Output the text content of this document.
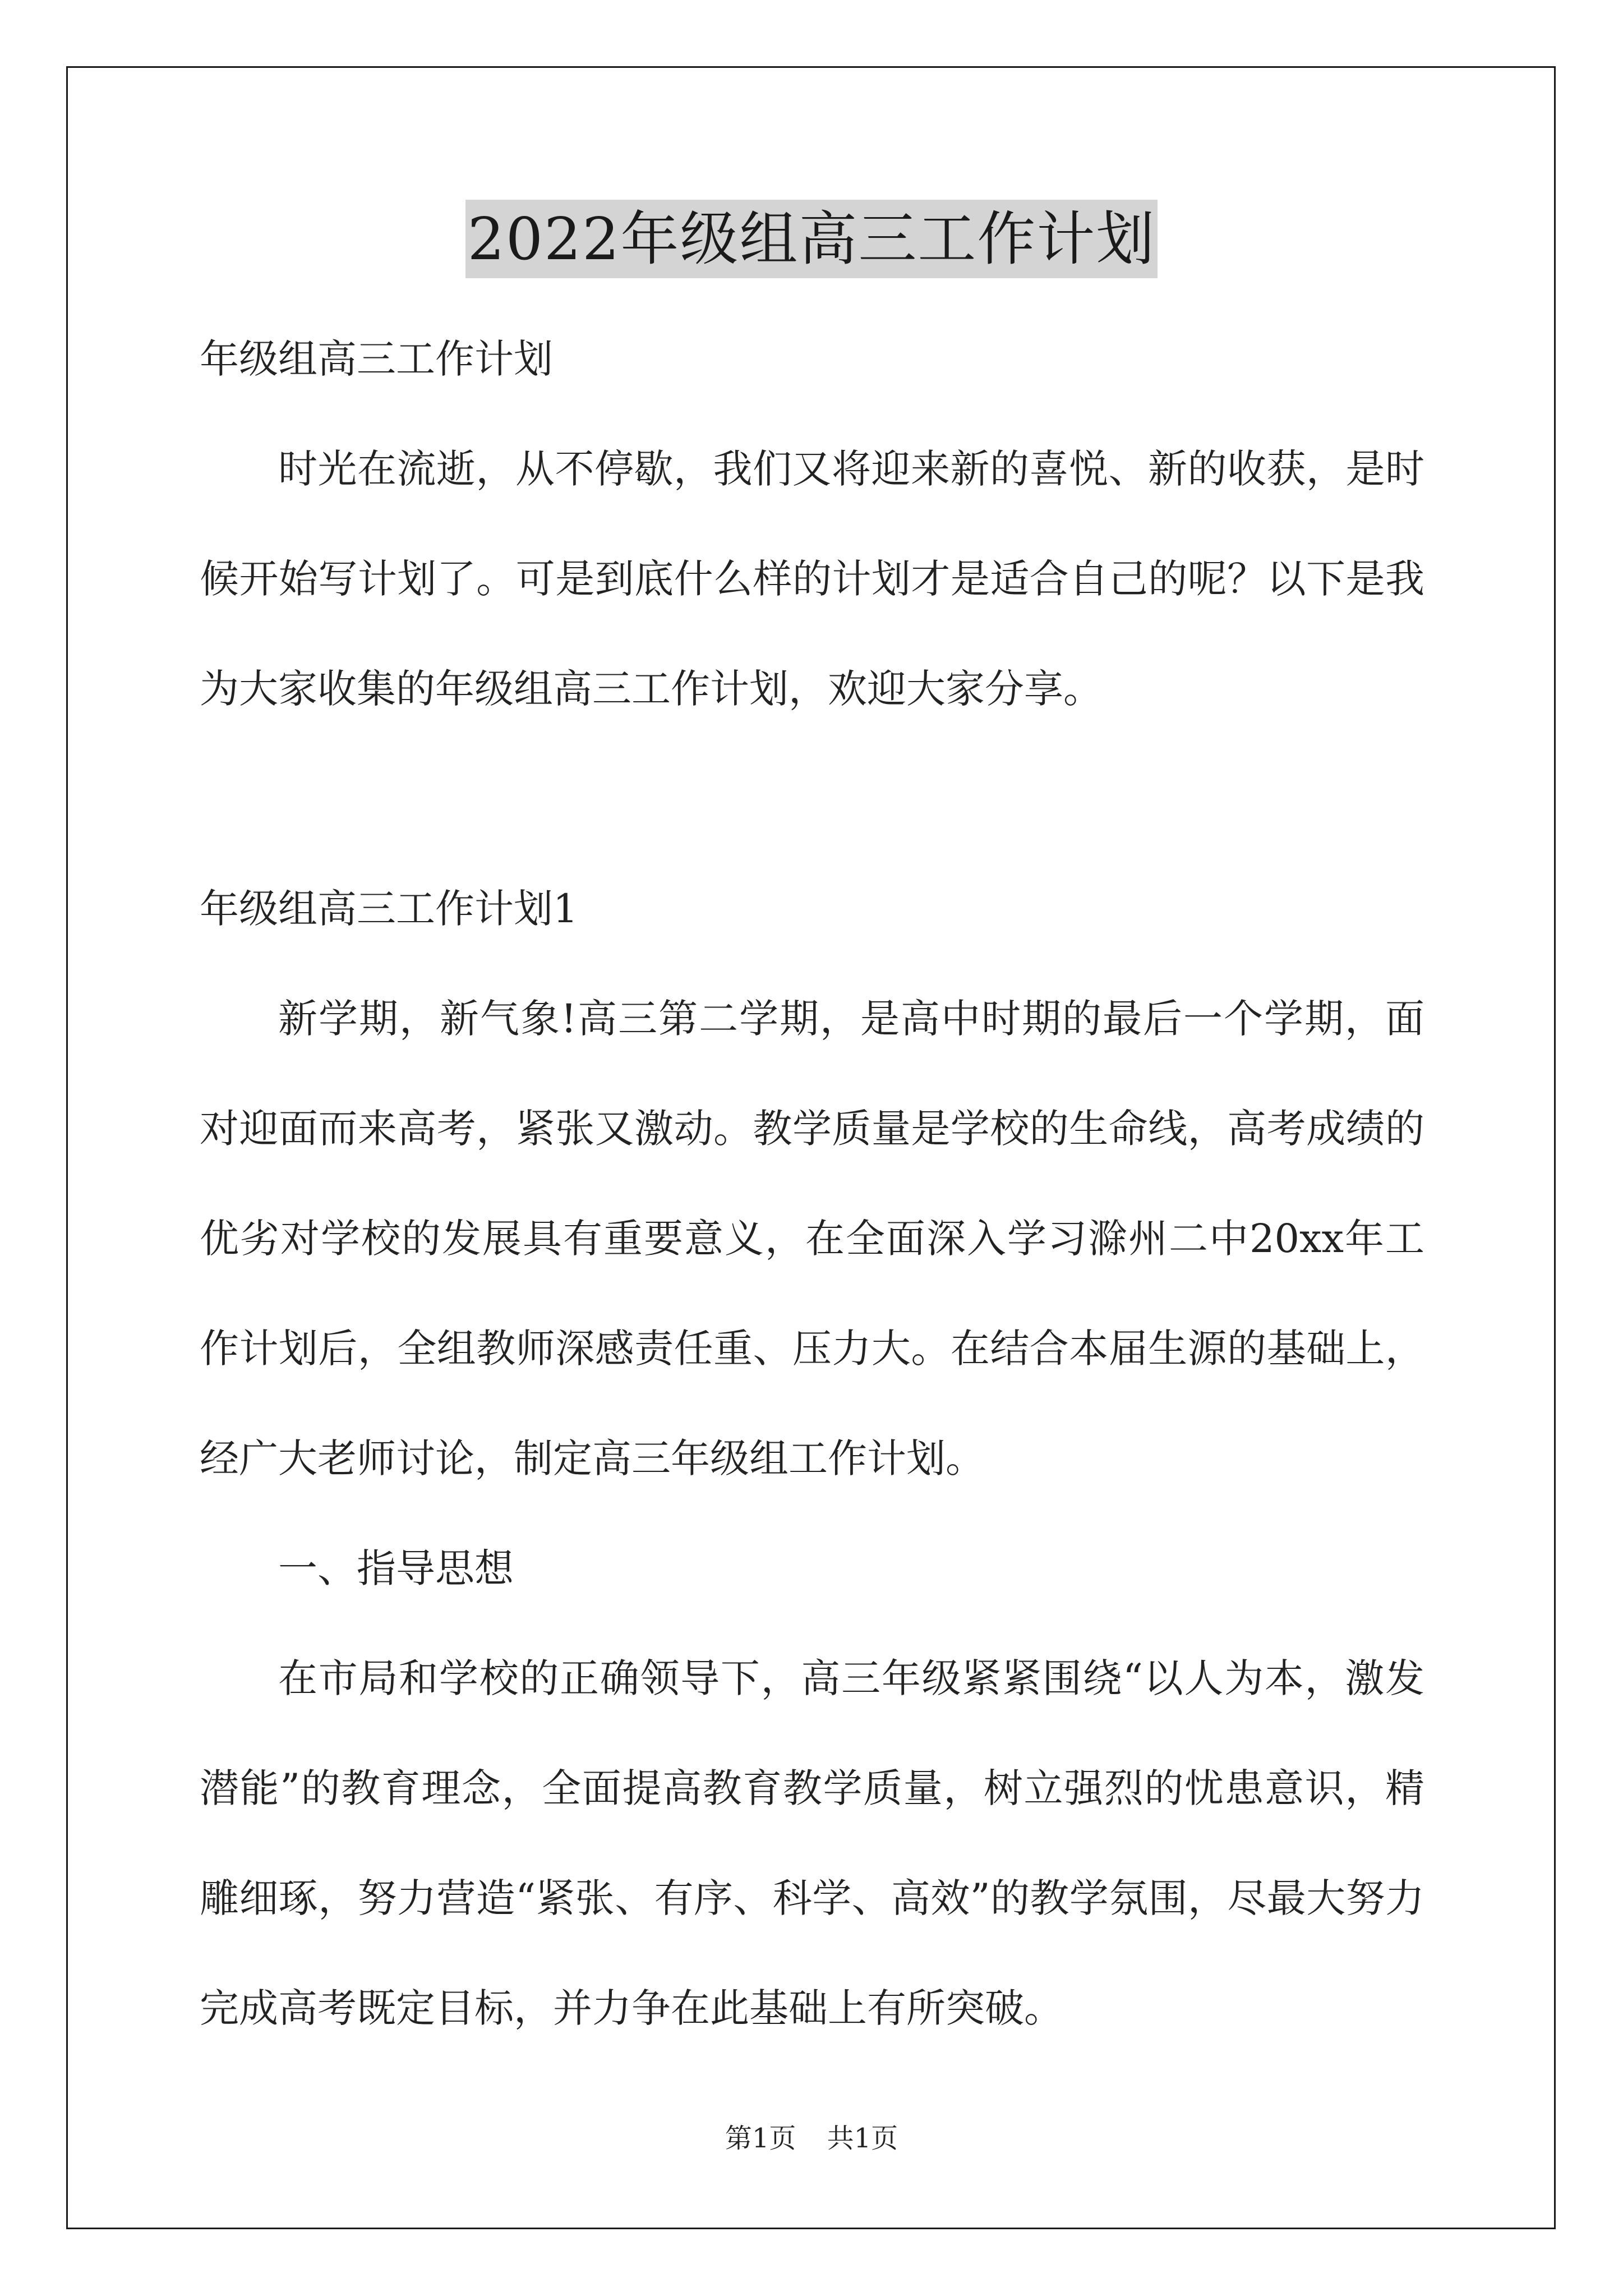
2022年级组高三工作计划

年级组高三工作计划

时光在流逝，从不停歇，我们又将迎来新的喜悦、新的收获，是时候开始写计划了。可是到底什么样的计划才是适合自己的呢？以下是我为大家收集的年级组高三工作计划，欢迎大家分享。

年级组高三工作计划1

新学期，新气象!高三第二学期，是高中时期的最后一个学期，面对迎面而来高考，紧张又激动。教学质量是学校的生命线，高考成绩的优劣对学校的发展具有重要意义，在全面深入学习滁州二中20xx年工作计划后，全组教师深感责任重、压力大。在结合本届生源的基础上，经广大老师讨论，制定高三年级组工作计划。

一、指导思想

在市局和学校的正确领导下，高三年级紧紧围绕“以人为本，激发潜能”的教育理念，全面提高教育教学质量，树立强烈的忧患意识，精雕细琢，努力营造“紧张、有序、科学、高效”的教学氛围，尽最大努力完成高考既定目标，并力争在此基础上有所突破。

第1页 共1页
